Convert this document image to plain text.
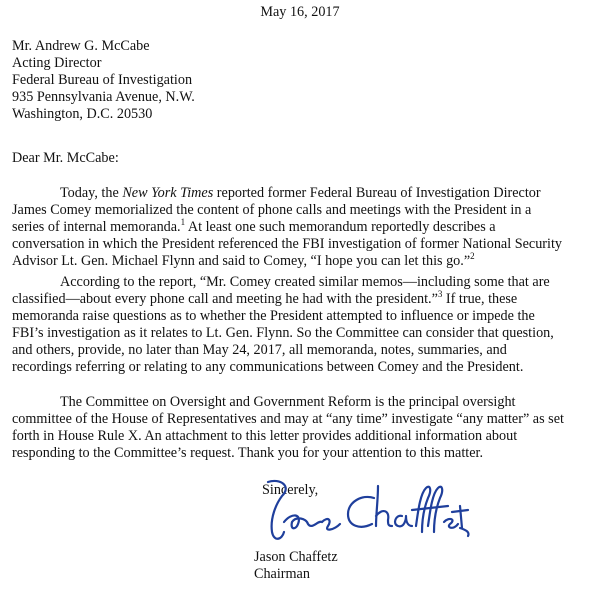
May 16, 2017
Mr. Andrew G. McCabe
Acting Director
Federal Bureau of Investigation
935 Pennsylvania Avenue, N.W.
Washington, D.C. 20530
Dear Mr. McCabe:
Today, the New York Times reported former Federal Bureau of Investigation Director
James Comey memorialized the content of phone calls and meetings with the President in a
series of internal memoranda.$^1$ At least one such memorandum reportedly describes a
conversation in which the President referenced the FBI investigation of former National Security
Advisor Lt. Gen. Michael Flynn and said to Comey, “I hope you can let this go.”$^2$
According to the report, “Mr. Comey created similar memos—including some that are
classified—about every phone call and meeting he had with the president.”$^3$ If true, these
memoranda raise questions as to whether the President attempted to influence or impede the
FBI’s investigation as it relates to Lt. Gen. Flynn. So the Committee can consider that question,
and others, provide, no later than May 24, 2017, all memoranda, notes, summaries, and
recordings referring or relating to any communications between Comey and the President.
The Committee on Oversight and Government Reform is the principal oversight
committee of the House of Representatives and may at “any time” investigate “any matter” as set
forth in House Rule X. An attachment to this letter provides additional information about
responding to the Committee’s request. Thank you for your attention to this matter.
Sincerely,
Jason Chaffetz
Chairman
